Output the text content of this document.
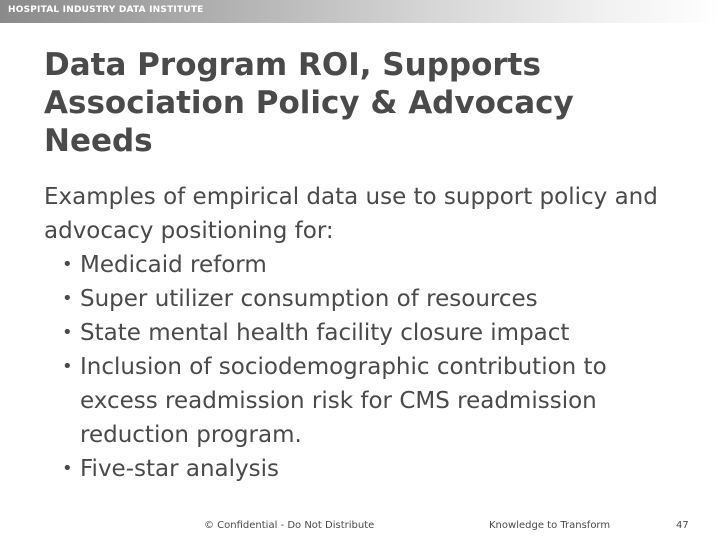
HOSPITAL INDUSTRY DATA INSTITUTE
Data Program ROI, Supports Association Policy & Advocacy Needs

Examples of empirical data use to support policy and advocacy positioning for:

• Medicaid reform
• Super utilizer consumption of resources
• State mental health facility closure impact
• Inclusion of sociodemographic contribution to excess readmission risk for CMS readmission reduction program.
• Five-star analysis
© Confidential - Do Not Distribute	Knowledge to Transform	47
